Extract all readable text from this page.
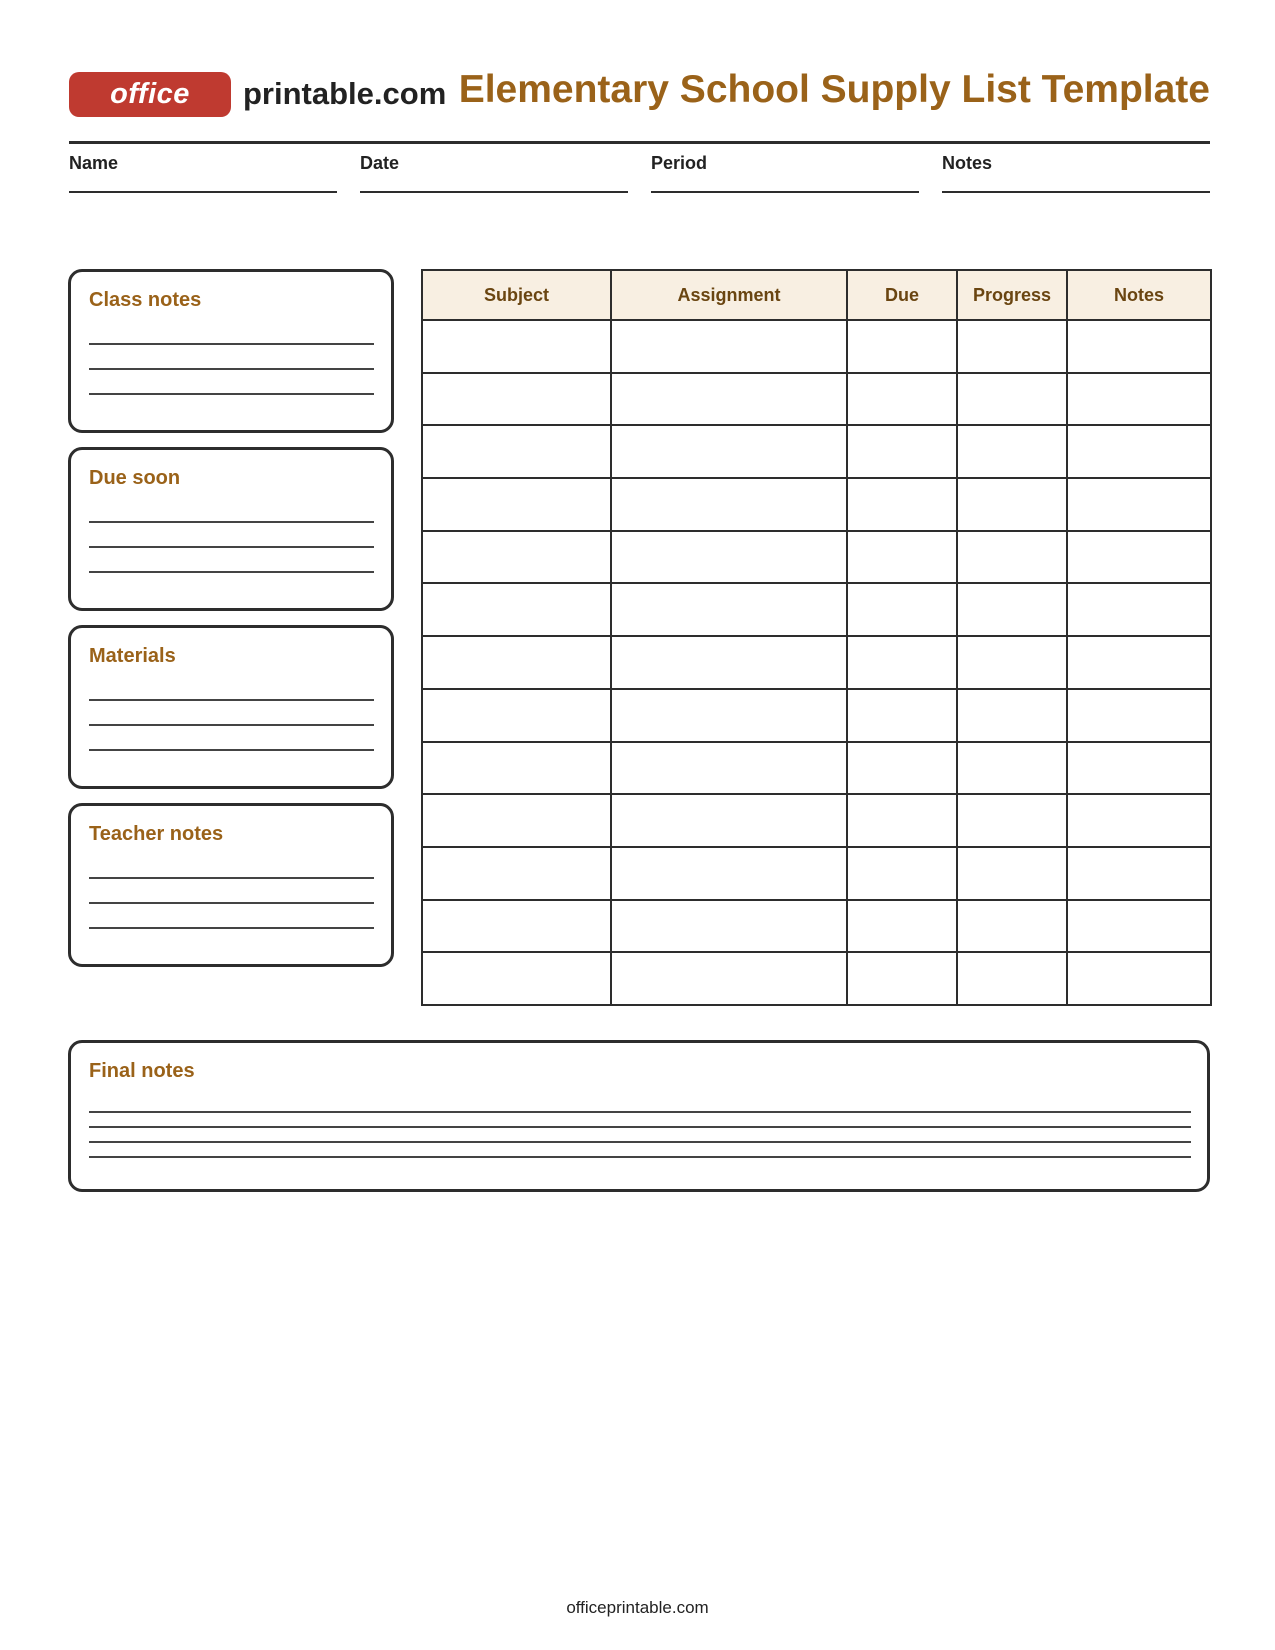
office printable.com Elementary School Supply List Template
Name	Date	Period	Notes
Class notes
Due soon
Materials
Teacher notes
Subject	Assignment	Due	Progress	Notes

Final notes
officeprintable.com
